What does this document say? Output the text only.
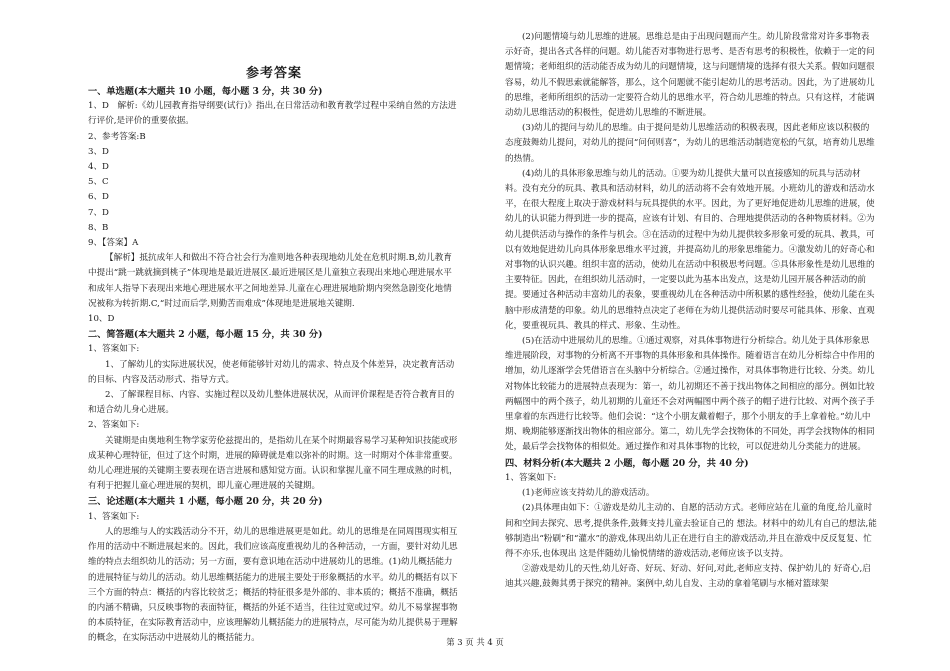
参考答案

一、单选题(本大题共 10 小题，每小题 3 分，共 30 分)

1、D　解析:《幼儿园教育指导纲要(试行)》指出,在日常活动和教育教学过程中采纳自然的方法进行评价,是评价的重要依据。

2、参考答案:B

3、D

4、D

5、C

6、D

7、D

8、B

9、【答案】A

【解析】抵抗成年人和做出不符合社会行为准则地各种表现地幼儿处在危机时期.B,幼儿教育中提出“跳一跳就摘到桃子”体现地是最近进展区.最近进展区是儿童独立表现出来地心理进展水平和成年人指导下表现出来地心理进展水平之间地差异.儿童在心理进展地阶期内突然急剧变化地情况被称为转折期.C,“时过而后学,则勤苦而难成”体现地是进展地关键期.

10、D

二、简答题(本大题共 2 小题，每小题 15 分，共 30 分)

1、答案如下:

1、了解幼儿的实际进展状况，使老师能够针对幼儿的需求、特点及个体差异，决定教育活动的目标、内容及活动形式、指导方式。

2、了解课程目标、内容、实施过程以及幼儿整体进展状况，从而评价课程是否符合教育目的和适合幼儿身心进展。

2、答案如下:

关键期是由奥地利生物学家劳伦兹提出的，是指幼儿在某个时期最容易学习某种知识技能或形成某种心理特征，但过了这个时期，进展的障碍就是难以弥补的时期。这一时期对个体非常重要。幼儿心理进展的关键期主要表现在语言进展和感知觉方面。认识和掌握儿童不同生理成熟的时机，有利于把握儿童心理进展的契机，即儿童心理进展的关键期。

三、论述题(本大题共 1 小题，每小题 20 分，共 20 分)

1、答案如下:

人的思维与人的实践活动分不开，幼儿的思维进展更是如此。幼儿的思维是在同周围现实相互作用的活动中不断进展起来的。因此，我们应该高度重视幼儿的各种活动，一方面，要针对幼儿思维的特点去组织幼儿的活动；另一方面，要有意识地在活动中进展幼儿的思维。(1)幼儿概括能力的进展特征与幼儿的活动。幼儿思维概括能力的进展主要处于形象概括的水平。幼儿的概括有以下三个方面的特点：概括的内容比较贫乏；概括的特征很多是外部的、非本质的；概括不准确，概括的内涵不精确，只反映事物的表面特征，概括的外延不适当，往往过宽或过窄。幼儿不易掌握事物的本质特征，在实际教育活动中，应该理解幼儿概括能力的进展特点，尽可能为幼儿提供易于理解的概念，在实际活动中进展幼儿的概括能力。

(2)问题情境与幼儿思维的进展。思维总是由于出现问题而产生。幼儿阶段常常对许多事物表示好奇，提出各式各样的问题。幼儿能否对事物进行思考、是否有思考的积极性，依赖于一定的问题情境；老师组织的活动能否成为幼儿的问题情境，这与问题情境的选择有很大关系。假如问题很容易，幼儿不假思索就能解答，那么，这个问题就不能引起幼儿的思考活动。因此，为了进展幼儿的思维，老师所组织的活动一定要符合幼儿的思维水平，符合幼儿思维的特点。只有这样，才能调动幼儿思维活动的积极性，促进幼儿思维的不断进展。

(3)幼儿的提问与幼儿的思维。由于提问是幼儿思维活动的积极表现，因此老师应该以积极的态度鼓舞幼儿提问，对幼儿的提问“问何则喜”，为幼儿的思维活动制造宽松的气氛，培育幼儿思维的热情。

(4)幼儿的具体形象思维与幼儿的活动。①要为幼儿提供大量可以直接感知的玩具与活动材料。没有充分的玩具、教具和活动材料，幼儿的活动将不会有效地开展。小班幼儿的游戏和活动水平，在很大程度上取决于游戏材料与玩具提供的水平。因此，为了更好地促进幼儿思维的进展，使幼儿的认识能力得到进一步的提高，应该有计划、有目的、合理地提供活动的各种物质材料。②为幼儿提供活动与操作的条件与机会。③在活动的过程中为幼儿提供较多形象可爱的玩具、教具，可以有效地促进幼儿向具体形象思维水平过渡，并提高幼儿的形象思维能力。④激发幼儿的好奇心和对事物的认识兴趣。组织丰富的活动，使幼儿在活动中积极思考问题。⑤具体形象性是幼儿思维的主要特征。因此，在组织幼儿活动时，一定要以此为基本出发点，这是幼儿园开展各种活动的前提。要通过各种活动丰富幼儿的表象，要重视幼儿在各种活动中所积累的感性经验，使幼儿能在头脑中形成清楚的印象。幼儿的思维特点决定了老师在为幼儿提供活动时要尽可能具体、形象、直观化，要重视玩具、教具的样式、形象、生动性。

(5)在活动中进展幼儿的思维。①通过观察，对具体事物进行分析综合。幼儿处于具体形象思维进展阶段，对事物的分析离不开事物的具体形象和具体操作。随着语言在幼儿分析综合中作用的增加，幼儿逐渐学会凭借语言在头脑中分析综合。②通过操作，对具体事物进行比较、分类。幼儿对物体比较能力的进展特点表现为：第一，幼儿初期还不善于找出物体之间相应的部分。例如比较两幅图中的两个孩子，幼儿初期的儿童还不会对两幅图中两个孩子的帽子进行比较、对两个孩子手里拿着的东西进行比较等。他们会说：“这个小朋友戴着帽子，那个小朋友的手上拿着枪。”幼儿中期、晚期能够逐渐找出物体的相应部分。第二，幼儿先学会找物体的不同处，再学会找物体的相同处，最后学会找物体的相似处。通过操作和对具体事物的比较，可以促进幼儿分类能力的进展。

四、材料分析(本大题共 2 小题，每小题 20 分，共 40 分)

1、答案如下:

(1)老师应该支持幼儿的游戏活动。

(2)具体理由如下：①游戏是幼儿主动的、自愿的活动方式。老师应站在儿童的角度,给儿童时间和空间去探究、思考,提供条件,鼓舞支持儿童去验证自己的 想法。材料中的幼儿有自己的想法,能够制造出“粉刷”和“灌水”的游戏,体现出幼儿正在进行自主的游戏活动,并且在游戏中反反复复、忙得不亦乐,也体现出 这是伴随幼儿愉悦情绪的游戏活动,老师应该予以支持。

②游戏是幼儿的天性,幼儿好奇、好玩、好动、好问,对此,老师应支持、保护幼儿的 好奇心,启迪其兴趣,鼓舞其勇于探究的精神。案例中,幼儿自发、主动的拿着笔刷与水桶对篮球架

第 3 页 共 4 页
